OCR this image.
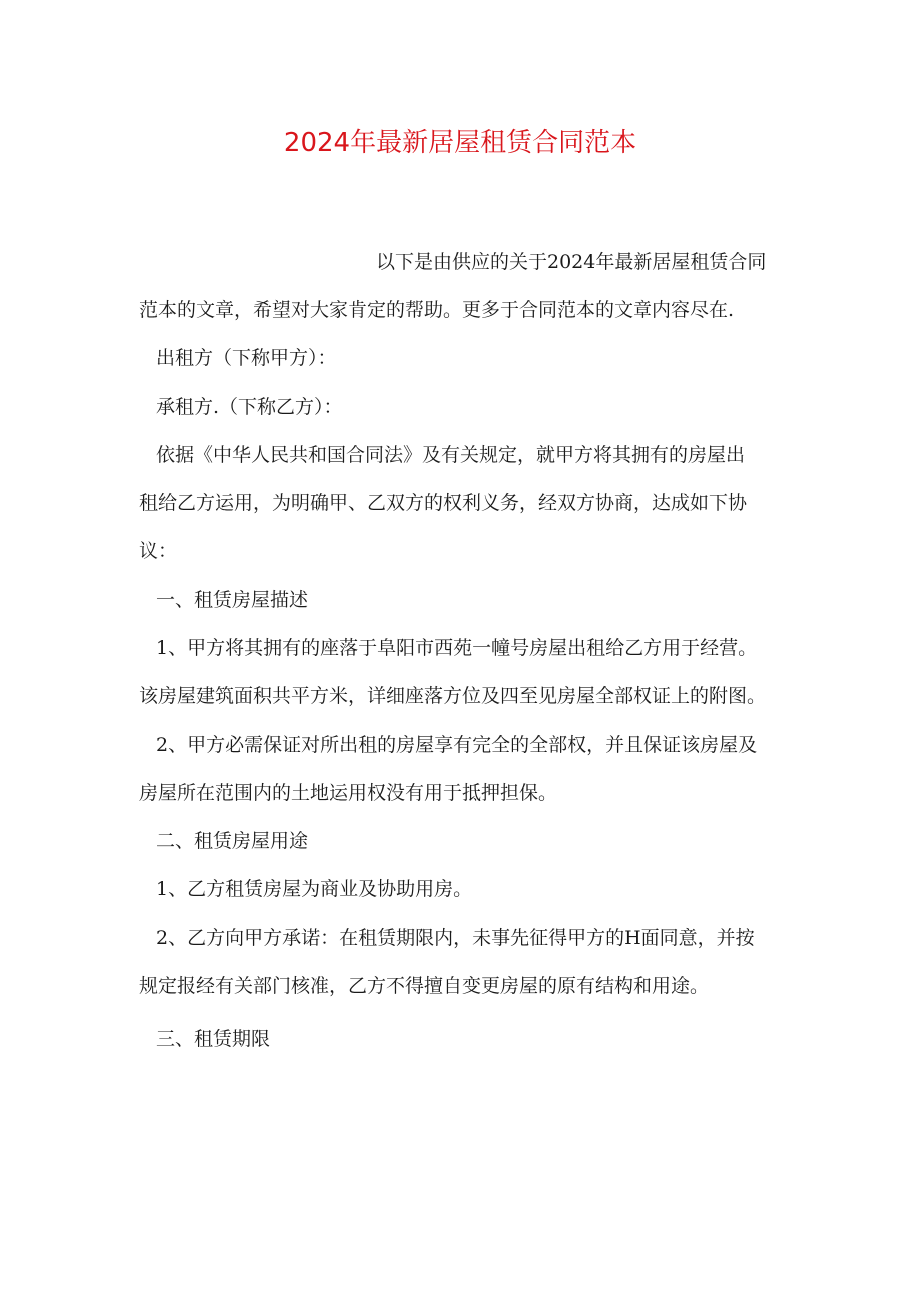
2024年最新居屋租赁合同范本
以下是由供应的关于2024年最新居屋租赁合同
范本的文章，希望对大家肯定的帮助。更多于合同范本的文章内容尽在.
出租方（下称甲方）：
承租方.（下称乙方）：
依据《中华人民共和国合同法》及有关规定，就甲方将其拥有的房屋出
租给乙方运用，为明确甲、乙双方的权利义务，经双方协商，达成如下协
议：
一、租赁房屋描述
1、甲方将其拥有的座落于阜阳市西苑一幢号房屋出租给乙方用于经营。
该房屋建筑面积共平方米，详细座落方位及四至见房屋全部权证上的附图。
2、甲方必需保证对所出租的房屋享有完全的全部权，并且保证该房屋及
房屋所在范围内的土地运用权没有用于抵押担保。
二、租赁房屋用途
1、乙方租赁房屋为商业及协助用房。
2、乙方向甲方承诺：在租赁期限内，未事先征得甲方的H面同意，并按
规定报经有关部门核准，乙方不得擅自变更房屋的原有结构和用途。
三、租赁期限
